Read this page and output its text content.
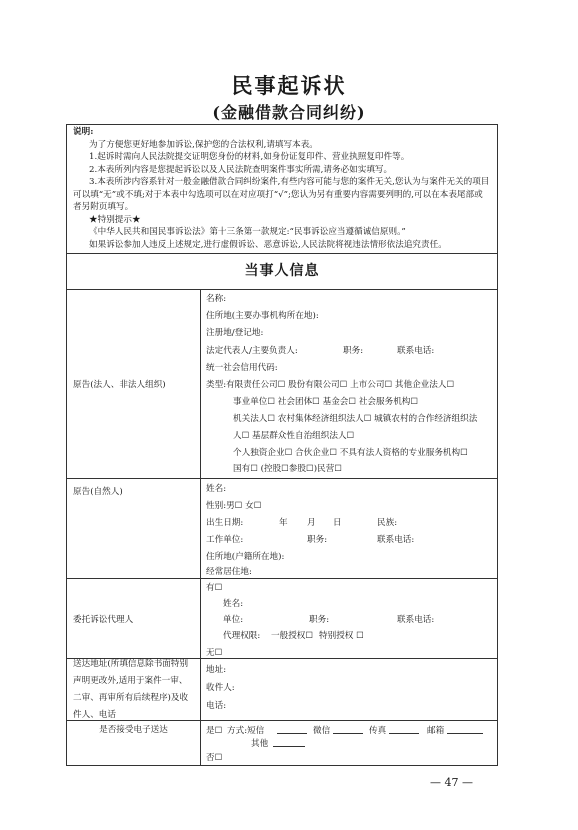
民事起诉状
(金融借款合同纠纷)

说明:

为了方便您更好地参加诉讼,保护您的合法权利,请填写本表。

1.起诉时需向人民法院提交证明您身份的材料,如身份证复印件、营业执照复印件等。

2.本表所列内容是您提起诉讼以及人民法院查明案件事实所需,请务必如实填写。

3.本表所涉内容系针对一般金融借款合同纠纷案件,有些内容可能与您的案件无关,您认为与案件无关的项目可以填“无”或不填;对于本表中勾选项可以在对应项打“√”;您认为另有重要内容需要列明的,可以在本表尾部或者另附页填写。

★特别提示★

《中华人民共和国民事诉讼法》第十三条第一款规定:“民事诉讼应当遵循诚信原则。”

如果诉讼参加人违反上述规定,进行虚假诉讼、恶意诉讼,人民法院将视违法情形依法追究责任。

当事人信息
原告(法人、非法人组织)
名称:
住所地(主要办事机构所在地):
注册地/登记地:
法定代表人/主要负责人:	职务:	联系电话:
统一社会信用代码:
类型:有限责任公司☐ 股份有限公司☐ 上市公司☐ 其他企业法人☐
事业单位☐ 社会团体☐ 基金会☐ 社会服务机构☐
机关法人☐ 农村集体经济组织法人☐ 城镇农村的合作经济组织法
人☐ 基层群众性自治组织法人☐
个人独资企业☐ 合伙企业☐ 不具有法人资格的专业服务机构☐
国有☐ (控股☐参股☐)民营☐
原告(自然人)	姓名:
性别:男☐ 女☐
出生日期:	年 月 日	民族:
工作单位:	职务:	联系电话:
住所地(户籍所在地):
经常居住地:
委托诉讼代理人
有☐
姓名:
单位:	职务:	联系电话:
代理权限: 一般授权☐ 特别授权 ☐
无☐
送达地址(所填信息除书面特别声明更改外,适用于案件一审、二审、再审所有后续程序)及收件人、电话
地址:
收件人:
电话:
是否接受电子送达	是☐ 方式:短信	微信	传真	邮箱
其他
否☐
— 47 —
